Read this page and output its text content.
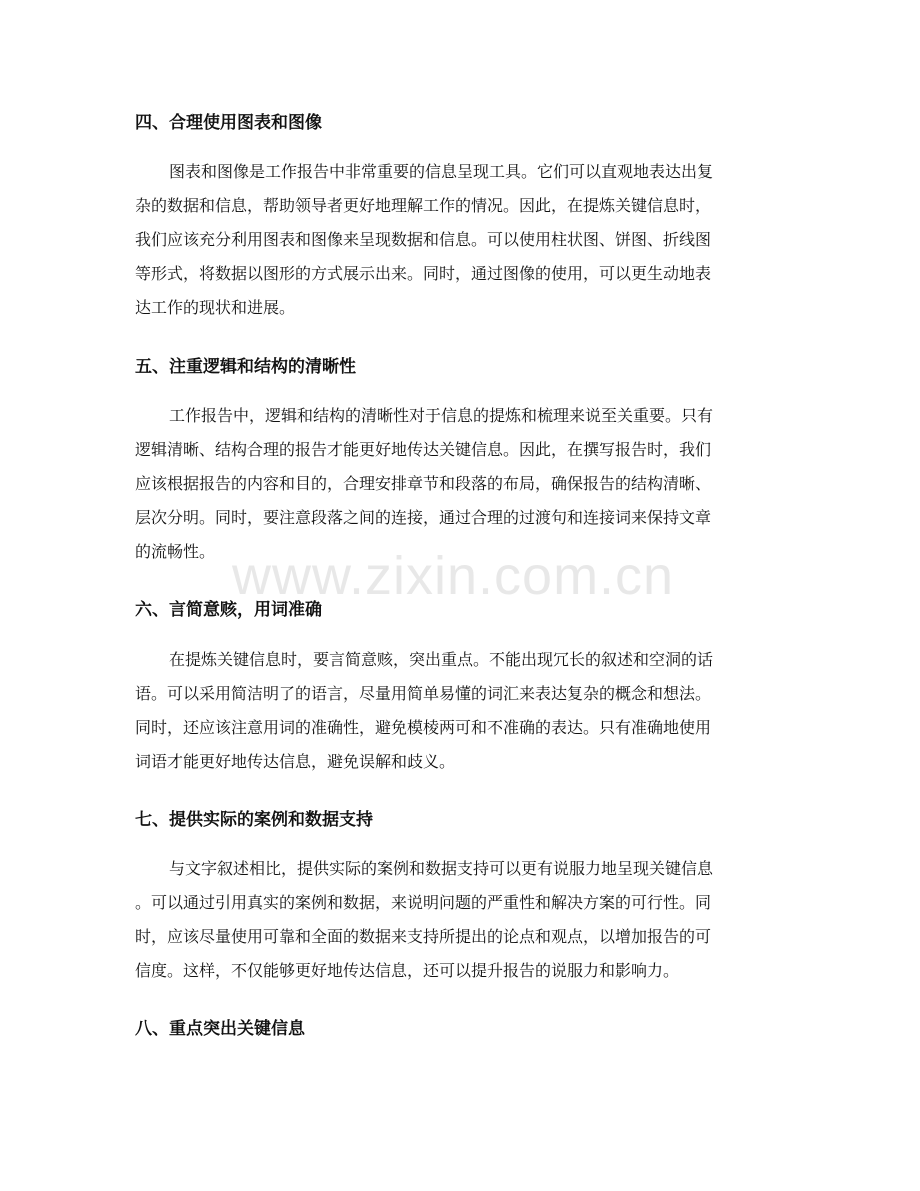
www.zixin.com.cn
四、合理使用图表和图像
图表和图像是工作报告中非常重要的信息呈现工具。它们可以直观地表达出复
杂的数据和信息，帮助领导者更好地理解工作的情况。因此，在提炼关键信息时，
我们应该充分利用图表和图像来呈现数据和信息。可以使用柱状图、饼图、折线图
等形式，将数据以图形的方式展示出来。同时，通过图像的使用，可以更生动地表
达工作的现状和进展。
五、注重逻辑和结构的清晰性
工作报告中，逻辑和结构的清晰性对于信息的提炼和梳理来说至关重要。只有
逻辑清晰、结构合理的报告才能更好地传达关键信息。因此，在撰写报告时，我们
应该根据报告的内容和目的，合理安排章节和段落的布局，确保报告的结构清晰、
层次分明。同时，要注意段落之间的连接，通过合理的过渡句和连接词来保持文章
的流畅性。
六、言简意赅，用词准确
在提炼关键信息时，要言简意赅，突出重点。不能出现冗长的叙述和空洞的话
语。可以采用简洁明了的语言，尽量用简单易懂的词汇来表达复杂的概念和想法。
同时，还应该注意用词的准确性，避免模棱两可和不准确的表达。只有准确地使用
词语才能更好地传达信息，避免误解和歧义。
七、提供实际的案例和数据支持
与文字叙述相比，提供实际的案例和数据支持可以更有说服力地呈现关键信息
。可以通过引用真实的案例和数据，来说明问题的严重性和解决方案的可行性。同
时，应该尽量使用可靠和全面的数据来支持所提出的论点和观点，以增加报告的可
信度。这样，不仅能够更好地传达信息，还可以提升报告的说服力和影响力。
八、重点突出关键信息
